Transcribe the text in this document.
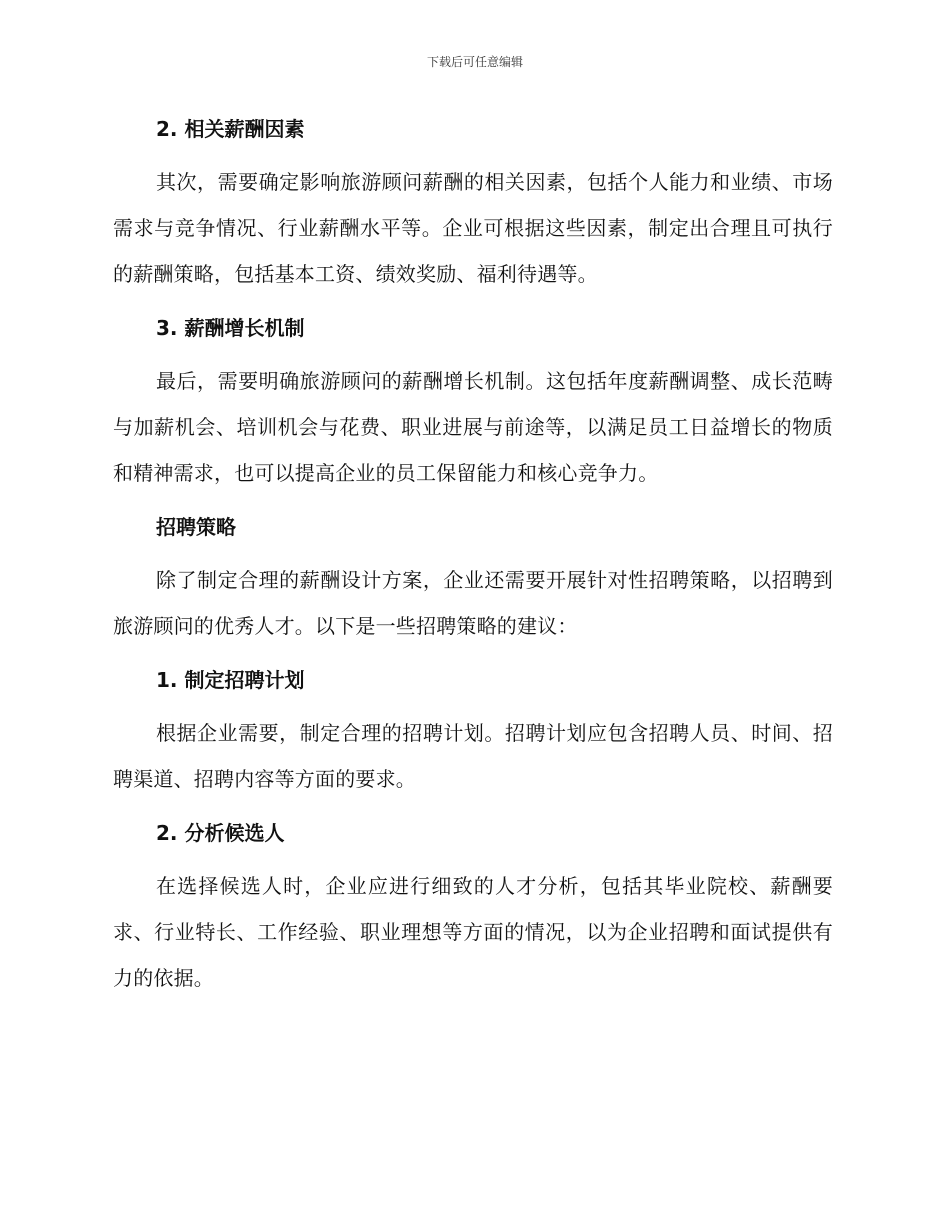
下载后可任意编辑
2. 相关薪酬因素

其次，需要确定影响旅游顾问薪酬的相关因素，包括个人能力和业绩、市场需求与竞争情况、行业薪酬水平等。企业可根据这些因素，制定出合理且可执行的薪酬策略，包括基本工资、绩效奖励、福利待遇等。

3. 薪酬增长机制

最后，需要明确旅游顾问的薪酬增长机制。这包括年度薪酬调整、成长范畴与加薪机会、培训机会与花费、职业进展与前途等，以满足员工日益增长的物质和精神需求，也可以提高企业的员工保留能力和核心竞争力。

招聘策略

除了制定合理的薪酬设计方案，企业还需要开展针对性招聘策略，以招聘到旅游顾问的优秀人才。以下是一些招聘策略的建议：

1. 制定招聘计划

根据企业需要，制定合理的招聘计划。招聘计划应包含招聘人员、时间、招聘渠道、招聘内容等方面的要求。

2. 分析候选人

在选择候选人时，企业应进行细致的人才分析，包括其毕业院校、薪酬要求、行业特长、工作经验、职业理想等方面的情况，以为企业招聘和面试提供有力的依据。
